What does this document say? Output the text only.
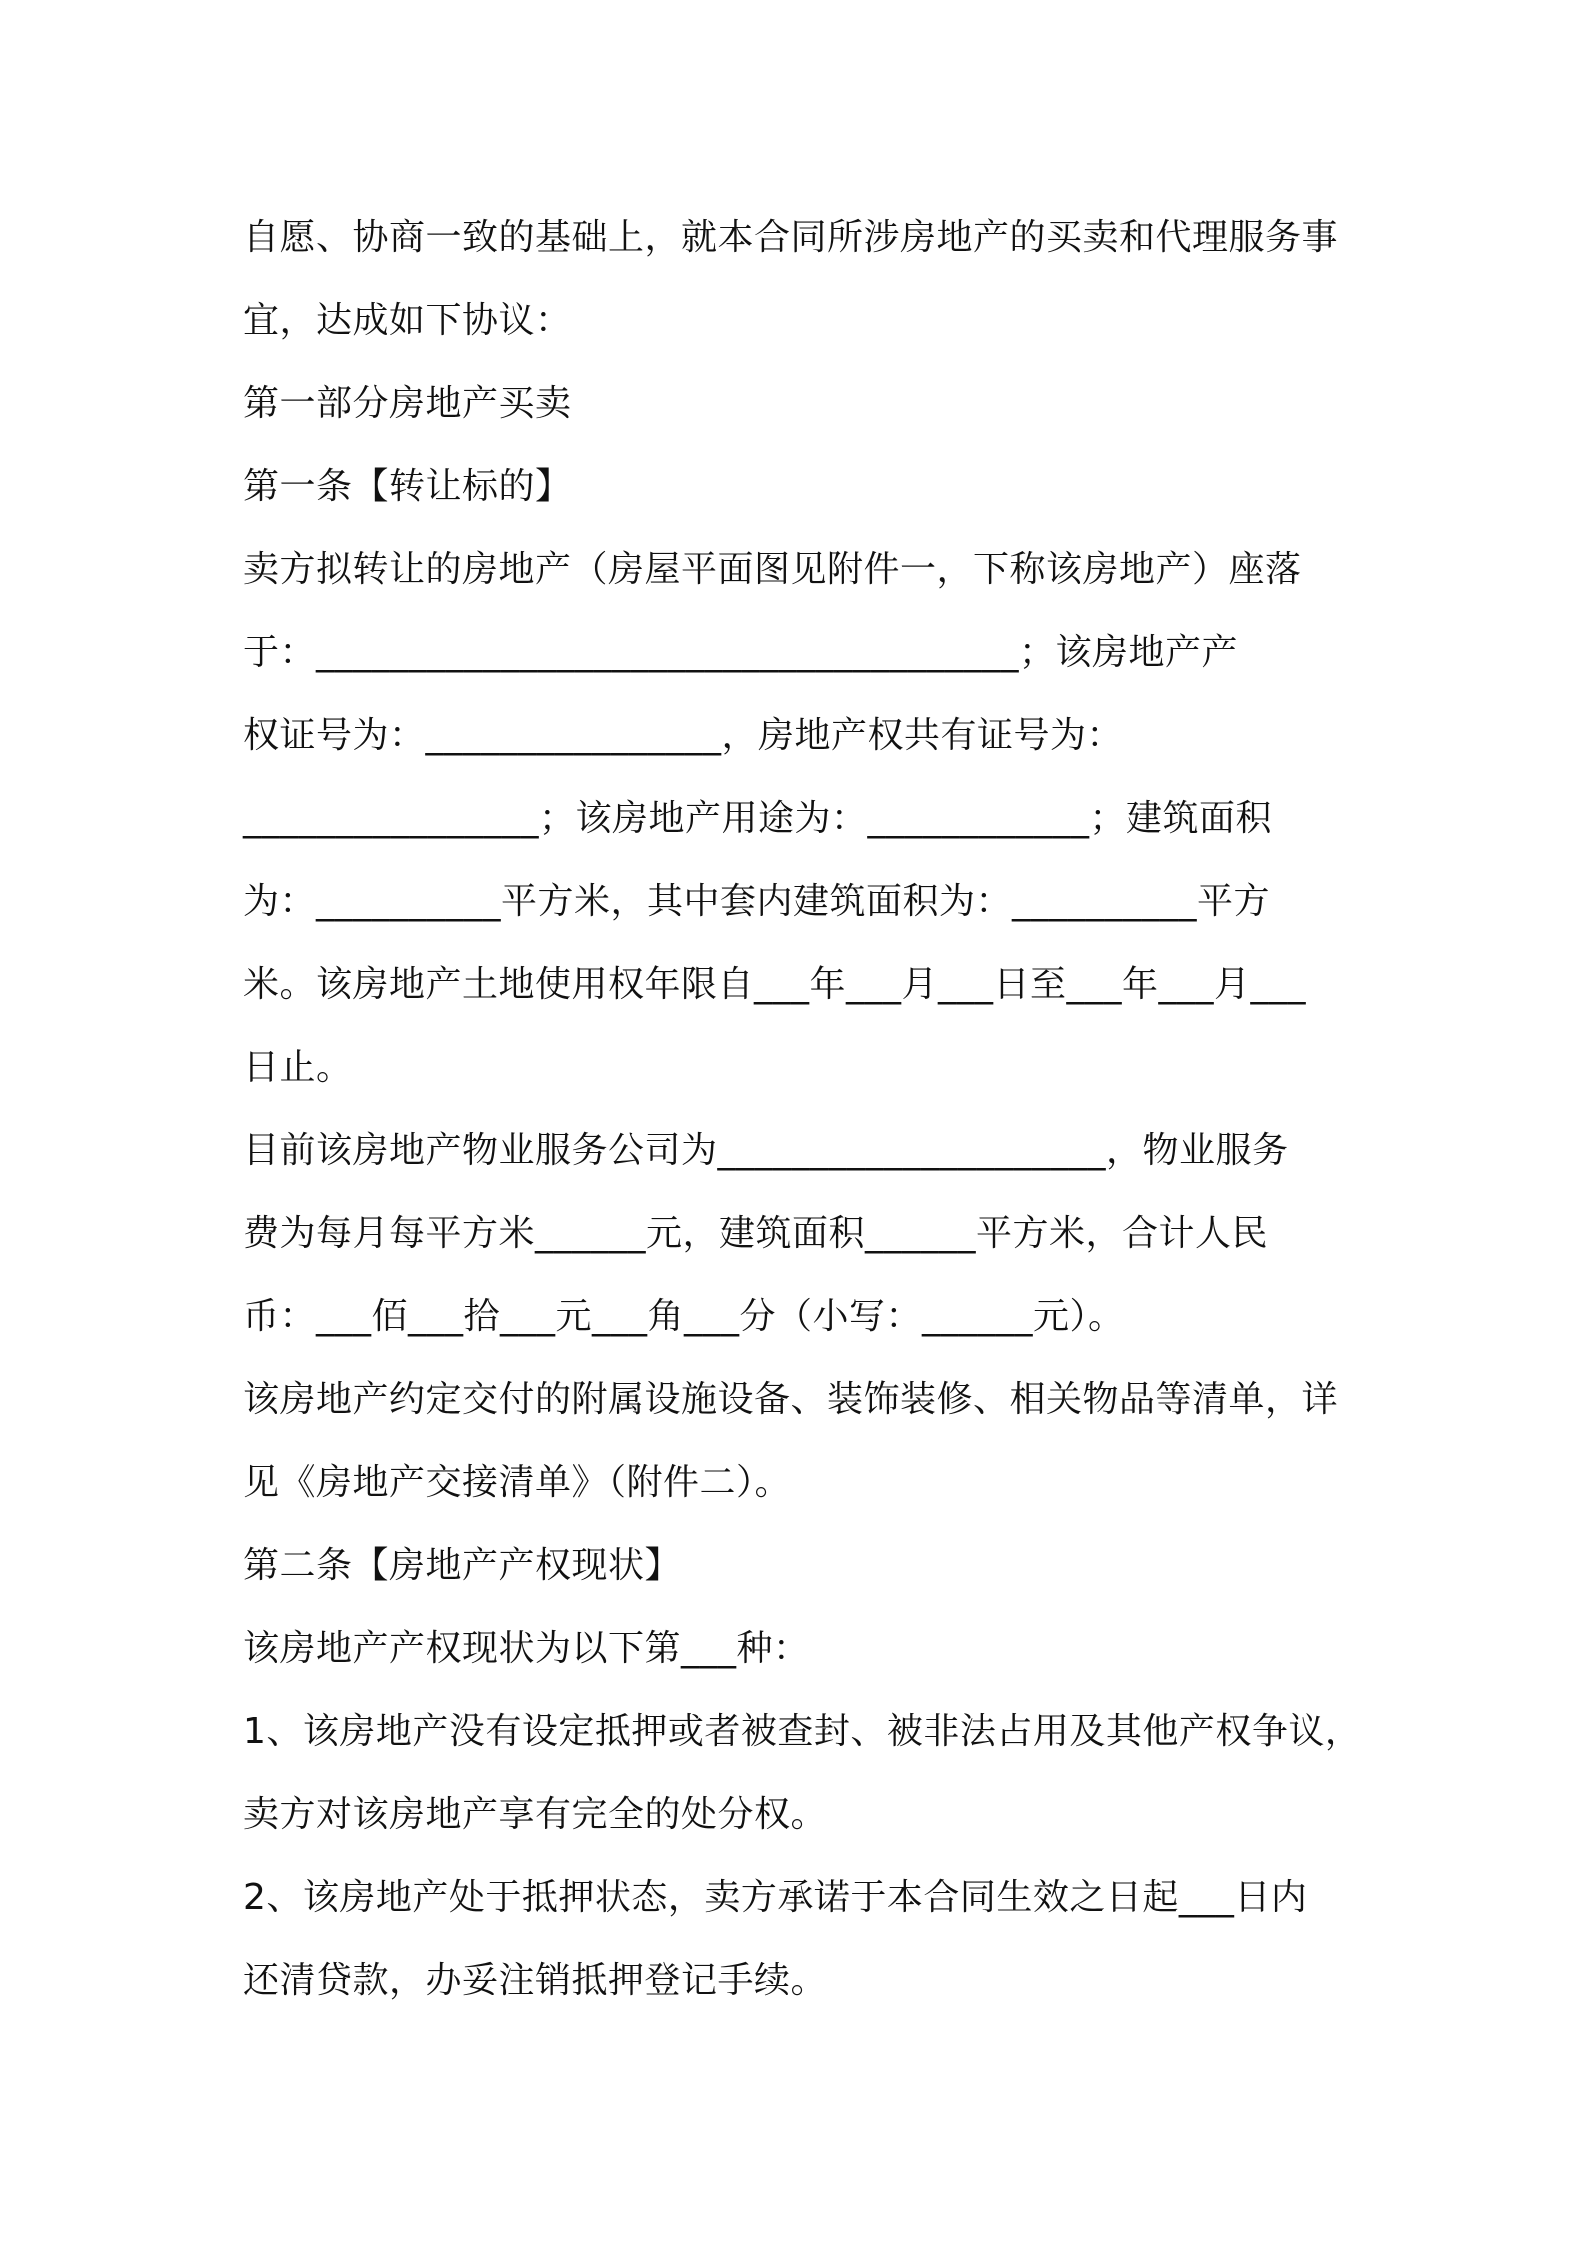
自愿、协商一致的基础上，就本合同所涉房地产的买卖和代理服务事
宜，达成如下协议：
第一部分房地产买卖
第一条【转让标的】
卖方拟转让的房地产（房屋平面图见附件一，下称该房地产）座落
于：______________________________________；该房地产产
权证号为：________________，房地产权共有证号为：
________________；该房地产用途为：____________；建筑面积
为：__________平方米，其中套内建筑面积为：__________平方
米。该房地产土地使用权年限自___年___月___日至___年___月___
日止。
目前该房地产物业服务公司为_____________________，物业服务
费为每月每平方米______元，建筑面积______平方米，合计人民
币：___佰___拾___元___角___分（小写：______元）。
该房地产约定交付的附属设施设备、装饰装修、相关物品等清单，详
见《房地产交接清单》（附件二）。
第二条【房地产产权现状】
该房地产产权现状为以下第___种：
1、该房地产没有设定抵押或者被查封、被非法占用及其他产权争议，
卖方对该房地产享有完全的处分权。
2、该房地产处于抵押状态，卖方承诺于本合同生效之日起___日内
还清贷款，办妥注销抵押登记手续。
